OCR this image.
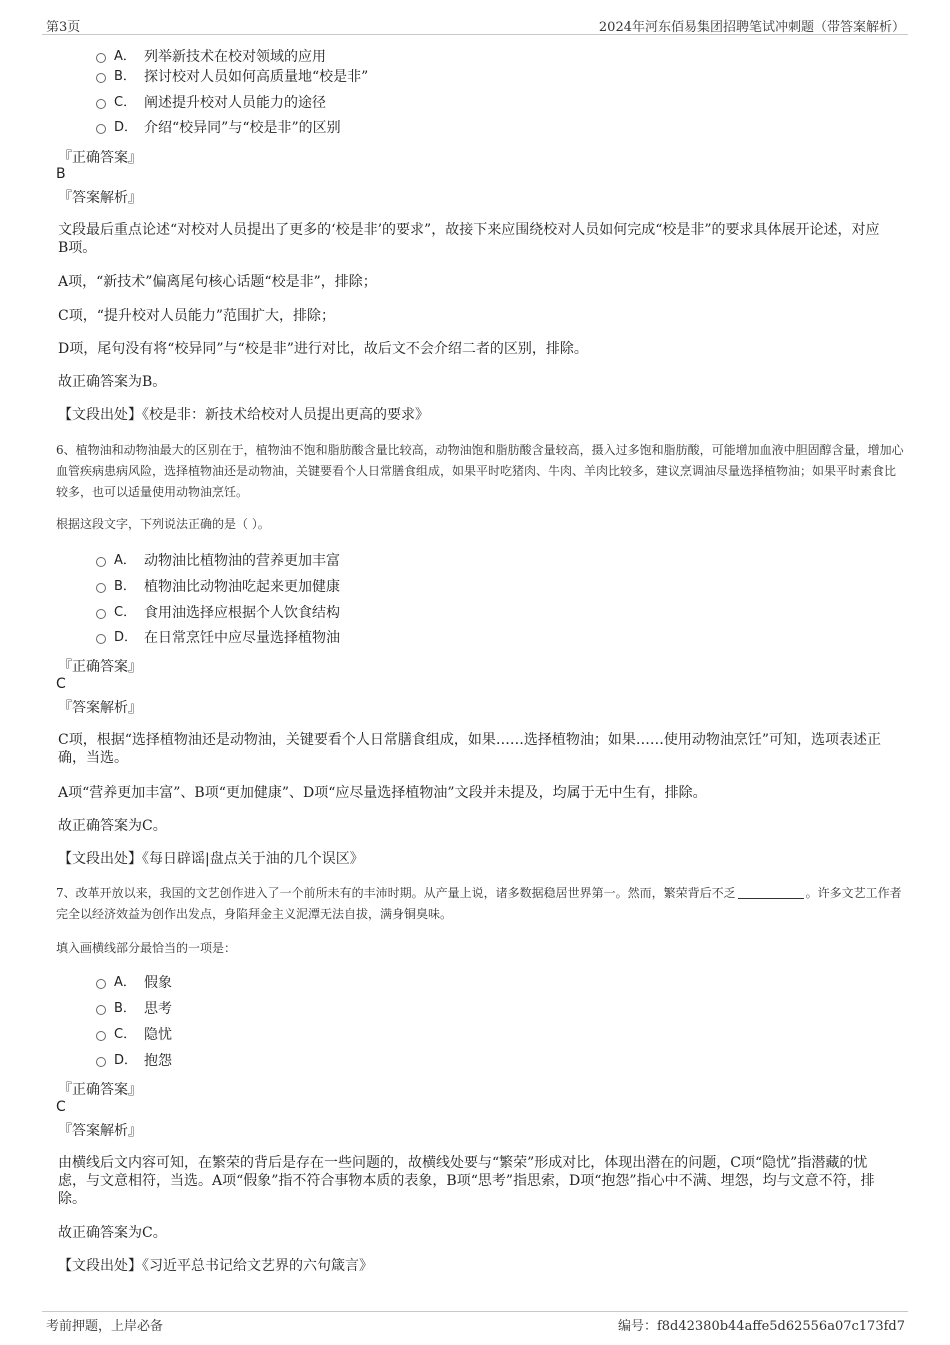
第3页	2024年河东佰易集团招聘笔试冲刺题（带答案解析）
A． 列举新技术在校对领域的应用
B． 探讨校对人员如何高质量地“校是非”
C． 阐述提升校对人员能力的途径
D． 介绍“校异同”与“校是非”的区别
『正确答案』
B
『答案解析』
文段最后重点论述“对校对人员提出了更多的‘校是非’的要求”，故接下来应围绕校对人员如何完成“校是非”的要求具体展开论述，对应B项。
A项，“新技术”偏离尾句核心话题“校是非”，排除；
C项，“提升校对人员能力”范围扩大，排除；
D项，尾句没有将“校异同”与“校是非”进行对比，故后文不会介绍二者的区别，排除。
故正确答案为B。
【文段出处】《校是非：新技术给校对人员提出更高的要求》
6、植物油和动物油最大的区别在于，植物油不饱和脂肪酸含量比较高，动物油饱和脂肪酸含量较高，摄入过多饱和脂肪酸，可能增加血液中胆固醇含量，增加心血管疾病患病风险，选择植物油还是动物油，关键要看个人日常膳食组成，如果平时吃猪肉、牛肉、羊肉比较多，建议烹调油尽量选择植物油；如果平时素食比较多，也可以适量使用动物油烹饪。
根据这段文字，下列说法正确的是（ ）。
A． 动物油比植物油的营养更加丰富
B． 植物油比动物油吃起来更加健康
C． 食用油选择应根据个人饮食结构
D． 在日常烹饪中应尽量选择植物油
『正确答案』
C
『答案解析』
C项，根据“选择植物油还是动物油，关键要看个人日常膳食组成，如果……选择植物油；如果……使用动物油烹饪”可知，选项表述正确，当选。
A项“营养更加丰富”、B项“更加健康”、D项“应尽量选择植物油”文段并未提及，均属于无中生有，排除。
故正确答案为C。
【文段出处】《每日辟谣|盘点关于油的几个误区》
7、改革开放以来，我国的文艺创作进入了一个前所未有的丰沛时期。从产量上说，诸多数据稳居世界第一。然而，繁荣背后不乏	。许多文艺工作者完全以经济效益为创作出发点，身陷拜金主义泥潭无法自拔，满身铜臭味。
填入画横线部分最恰当的一项是：
A． 假象
B． 思考
C． 隐忧
D． 抱怨
『正确答案』
C
『答案解析』
由横线后文内容可知，在繁荣的背后是存在一些问题的，故横线处要与“繁荣”形成对比，体现出潜在的问题，C项“隐忧”指潜藏的忧虑，与文意相符，当选。A项“假象”指不符合事物本质的表象，B项“思考”指思索，D项“抱怨”指心中不满、埋怨，均与文意不符，排除。
故正确答案为C。
【文段出处】《习近平总书记给文艺界的六句箴言》
考前押题，上岸必备	编号：f8d42380b44affe5d62556a07c173fd7
